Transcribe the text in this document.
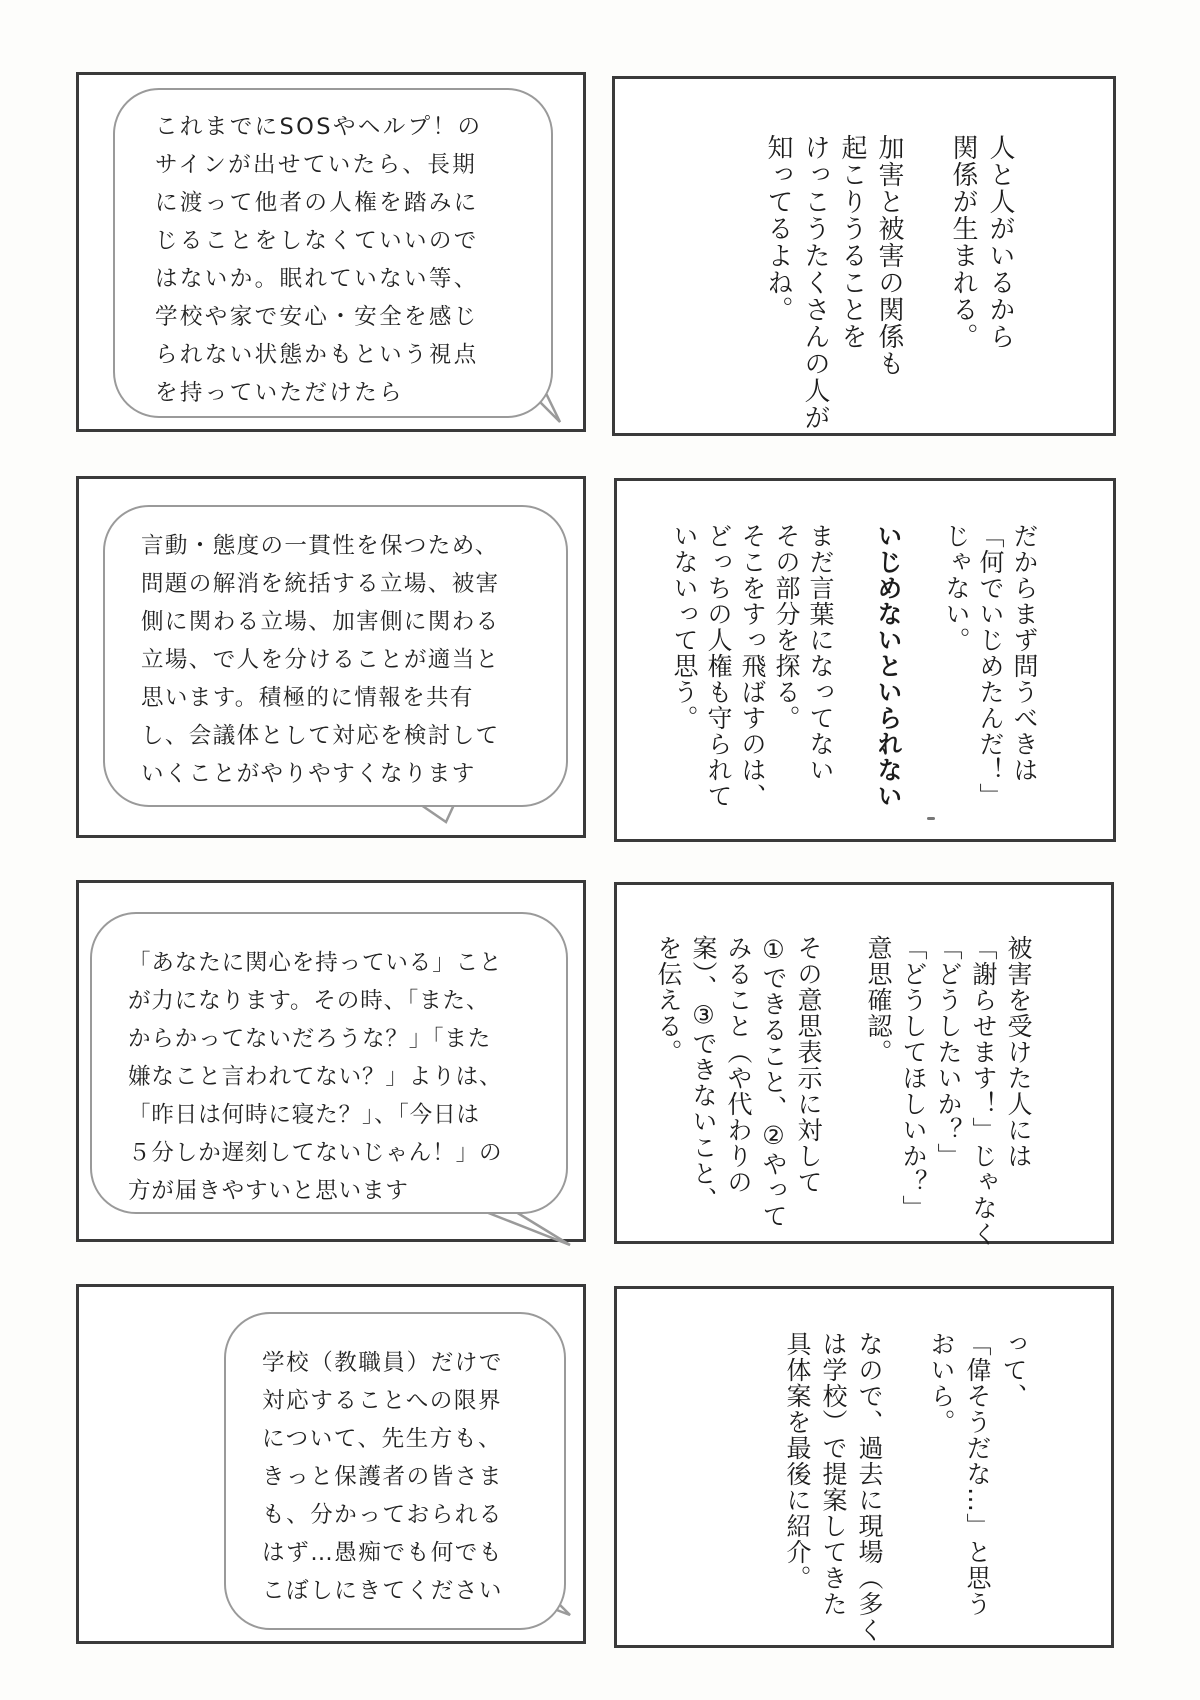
これまでにSOSやヘルプ！の
サインが出せていたら、長期
に渡って他者の人権を踏みに
じることをしなくていいので
はないか。眠れていない等、
学校や家で安心・安全を感じ
られない状態かもという視点
を持っていただけたら
人と人がいるから
関係が生まれる。
加害と被害の関係も
起こりうることを
けっこうたくさんの人が
知ってるよね。
言動・態度の一貫性を保つため、
問題の解消を統括する立場、被害
側に関わる立場、加害側に関わる
立場、で人を分けることが適当と
思います。積極的に情報を共有
し、会議体として対応を検討して
いくことがやりやすくなります	だからまず問うべきは
「何でいじめたんだ！」
じゃない。
いじめないといられない
まだ言葉になってない
その部分を探る。
そこをすっ飛ばすのは、
どっちの人権も守られて
いないって思う。
「あなたに関心を持っている」こと
が力になります。その時、「また、
からかってないだろうな？」「また
嫌なこと言われてない？」よりは、
「昨日は何時に寝た？」、「今日は
５分しか遅刻してないじゃん！」の
方が届きやすいと思います
被害を受けた人には
「謝らせます！」じゃなく
「どうしたいか？」
「どうしてほしいか？」
意思確認。
その意思表示に対して
①できること、②やって
みること（や代わりの
案）、③できないこと、
を伝える。
学校（教職員）だけで
対応することへの限界
について、先生方も、
きっと保護者の皆さま
も、分かっておられる
はず…愚痴でも何でも
こぼしにきてください
って、
「偉そうだな…」と思う
おいら。
なので、過去に現場（多く
は学校）で提案してきた
具体案を最後に紹介。
